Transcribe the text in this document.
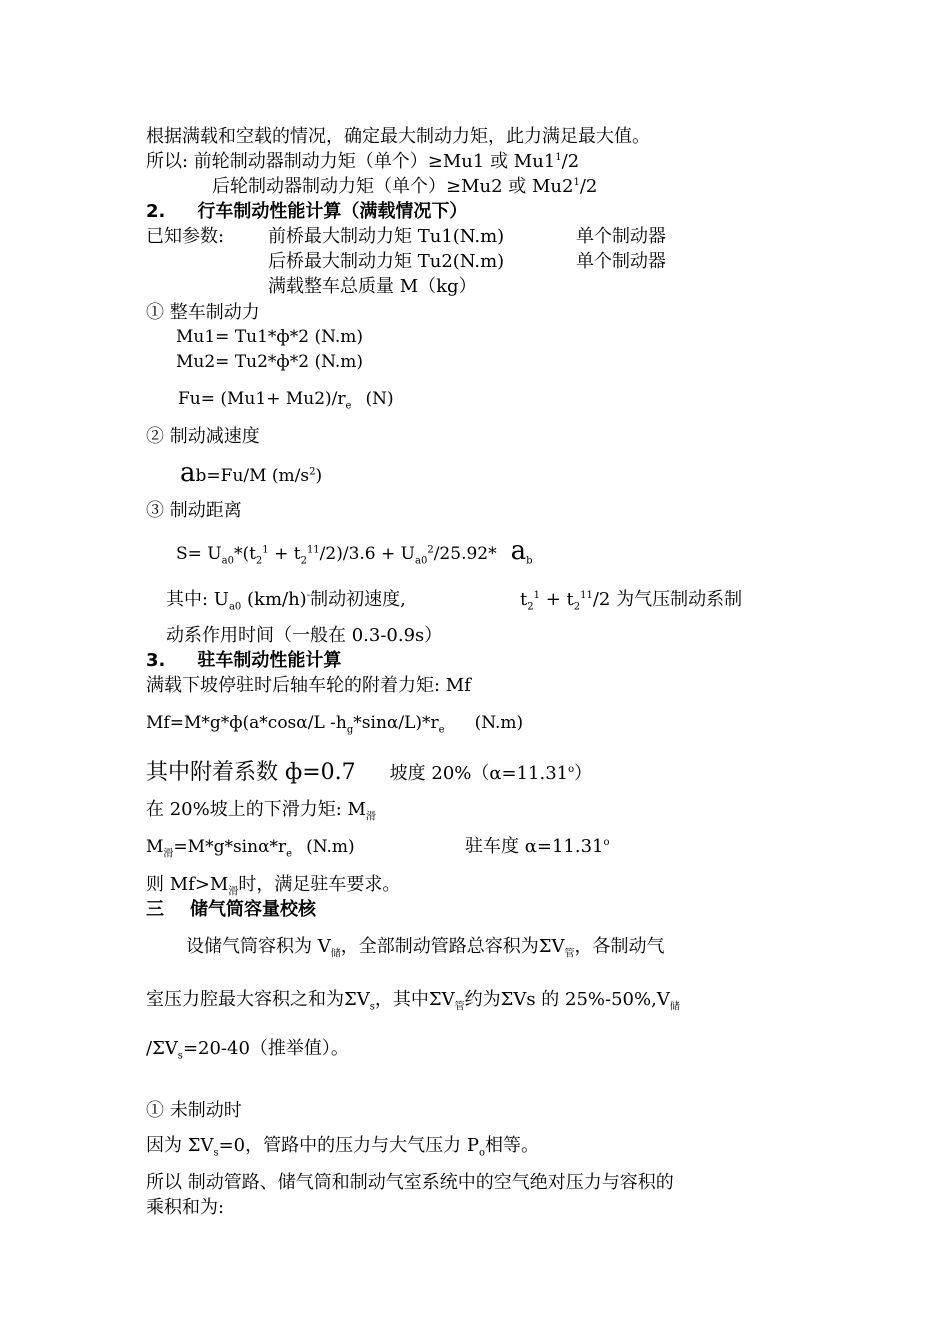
根据满载和空载的情况，确定最大制动力矩，此力满足最大值。
所以: 前轮制动器制动力矩（单个）≥Mu1 或 $Mu1^1/2$
后轮制动器制动力矩（单个）≥Mu2 或 $Mu2^1/2$
2. 行车制动性能计算（满载情况下）
已知参数: 前桥最大制动力矩 Tu1(N.m)	单个制动器
后桥最大制动力矩 Tu2(N.m)	单个制动器
满载整车总质量 M（kg）
① 整车制动力
Mu1= Tu1*ф*2 (N.m)
Mu2= Tu2*ф*2 (N.m)
$Fu= (Mu1+ Mu2)/r_e$ (N)
② 制动减速度
ab=Fu/M $(m/s^2)$
③ 制动距离
$S= U_{a0}*(t_2^1 + t_2^{11}/2)/3.6 + U_{a0}^2/25.92*$ $a_b$
其中: $U_{a0}$ (km/h)-制动初速度,	$t_2^1 + t_2^{11}/2$ 为气压制动系制
动系作用时间（一般在 0.3-0.9s）
3. 驻车制动性能计算
满载下坡停驻时后轴车轮的附着力矩: Mf
Mf=M*g*ф(a*cosα/L $-h_g*\sin\alpha/L)*r_e$ (N.m)
其中附着系数 ф=0.7 坡度 $20\%(\alpha=11.31^o)$
在 20%坡上的下滑力矩: $M_滑$
$M_滑=M*g*\sin\alpha*r_e$ (N.m)	驻车度 $\alpha=11.31^o$
则 $Mf>M_滑$时，满足驻车要求。
三 储气筒容量校核
设储气筒容积为 $V_储$，全部制动管路总容积为$\Sigma V_管$，各制动气
室压力腔最大容积之和为$\Sigma V_s$，其中$\Sigma V_管$约为ΣVs 的 $25\%-50\%,V_储$
$/\Sigma V_s=20-40$（推举值）。
① 未制动时
因为 $\Sigma V_s=0$，管路中的压力与大气压力 $P_o$相等。
所以 制动管路、储气筒和制动气室系统中的空气绝对压力与容积的
乘积和为:
